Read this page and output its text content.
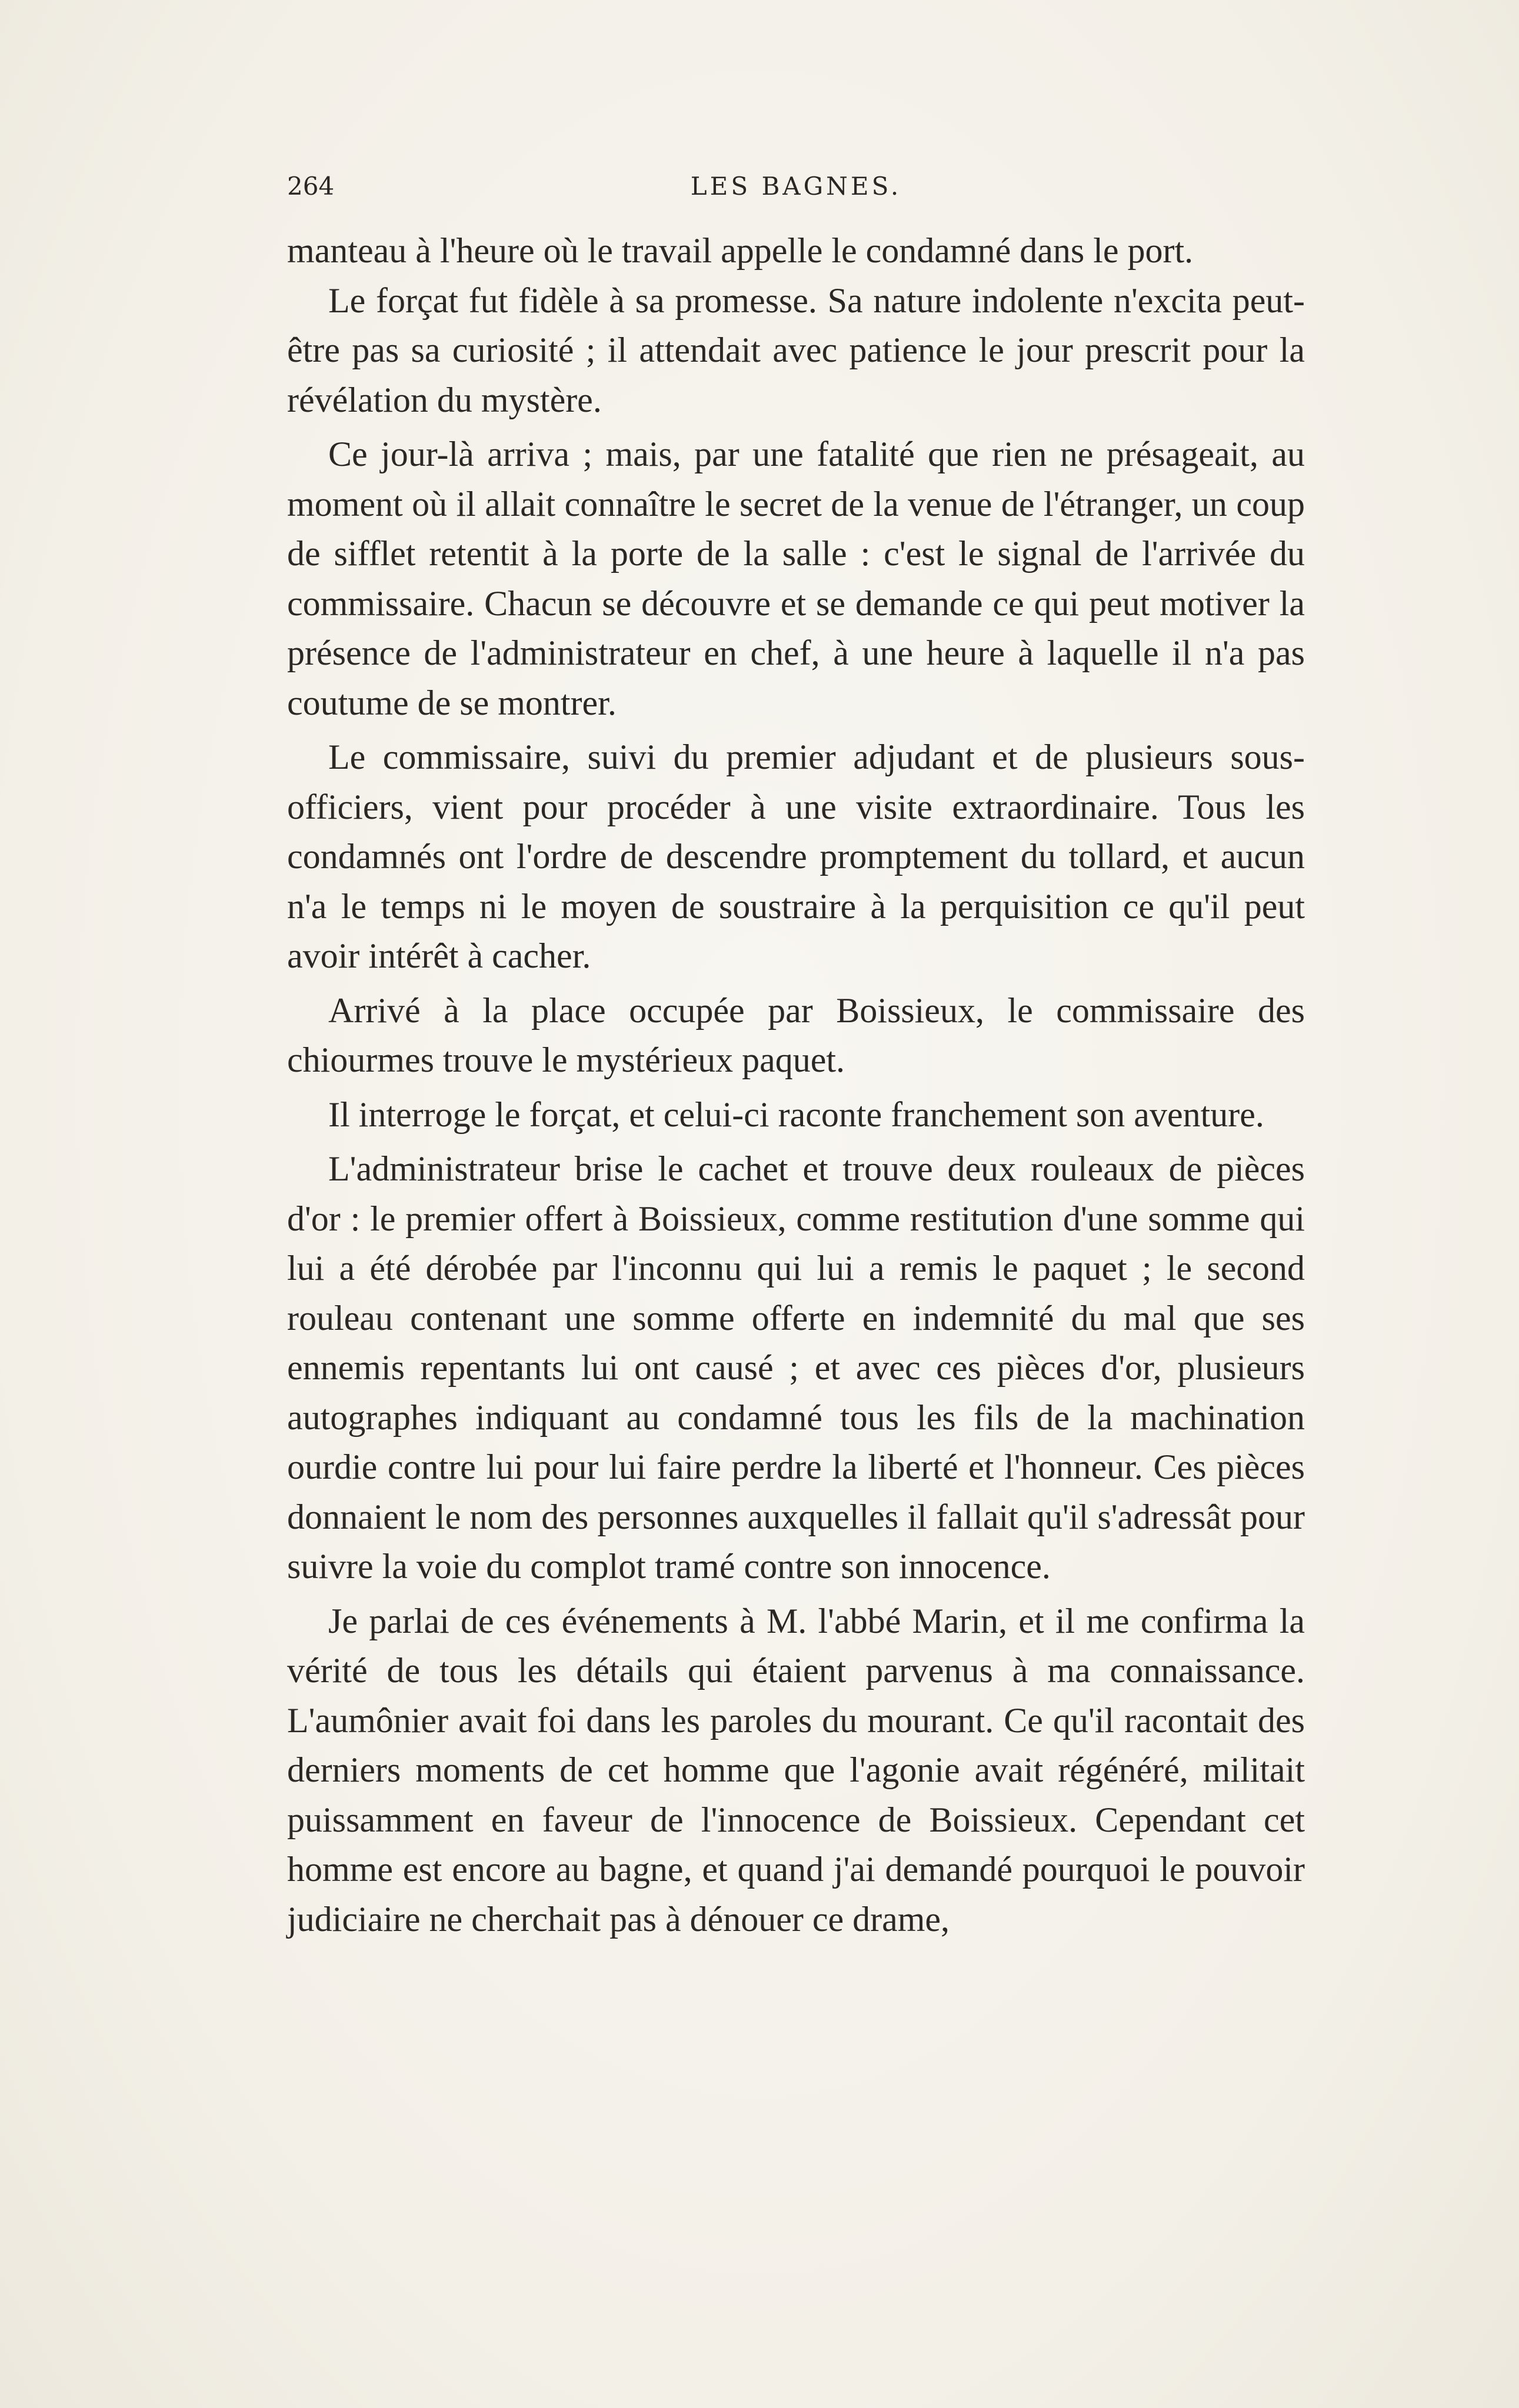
264	LES BAGNES.

manteau à l'heure où le travail appelle le condamné dans le port.

Le forçat fut fidèle à sa promesse. Sa nature indolente n'excita peut-être pas sa curiosité ; il attendait avec patience le jour prescrit pour la révélation du mystère.

Ce jour-là arriva ; mais, par une fatalité que rien ne présageait, au moment où il allait connaître le secret de la venue de l'étranger, un coup de sifflet retentit à la porte de la salle : c'est le signal de l'arrivée du commissaire. Chacun se découvre et se demande ce qui peut motiver la présence de l'administrateur en chef, à une heure à laquelle il n'a pas coutume de se montrer.

Le commissaire, suivi du premier adjudant et de plusieurs sous-officiers, vient pour procéder à une visite extraordinaire. Tous les condamnés ont l'ordre de descendre promptement du tollard, et aucun n'a le temps ni le moyen de soustraire à la perquisition ce qu'il peut avoir intérêt à cacher.

Arrivé à la place occupée par Boissieux, le commissaire des chiourmes trouve le mystérieux paquet.

Il interroge le forçat, et celui-ci raconte franchement son aventure.

L'administrateur brise le cachet et trouve deux rouleaux de pièces d'or : le premier offert à Boissieux, comme restitution d'une somme qui lui a été dérobée par l'inconnu qui lui a remis le paquet ; le second rouleau contenant une somme offerte en indemnité du mal que ses ennemis repentants lui ont causé ; et avec ces pièces d'or, plusieurs autographes indiquant au condamné tous les fils de la machination ourdie contre lui pour lui faire perdre la liberté et l'honneur. Ces pièces donnaient le nom des personnes auxquelles il fallait qu'il s'adressât pour suivre la voie du complot tramé contre son innocence.

Je parlai de ces événements à M. l'abbé Marin, et il me confirma la vérité de tous les détails qui étaient parvenus à ma connaissance. L'aumônier avait foi dans les paroles du mourant. Ce qu'il racontait des derniers moments de cet homme que l'agonie avait régénéré, militait puissamment en faveur de l'innocence de Boissieux. Cependant cet homme est encore au bagne, et quand j'ai demandé pourquoi le pouvoir judiciaire ne cherchait pas à dénouer ce drame,
